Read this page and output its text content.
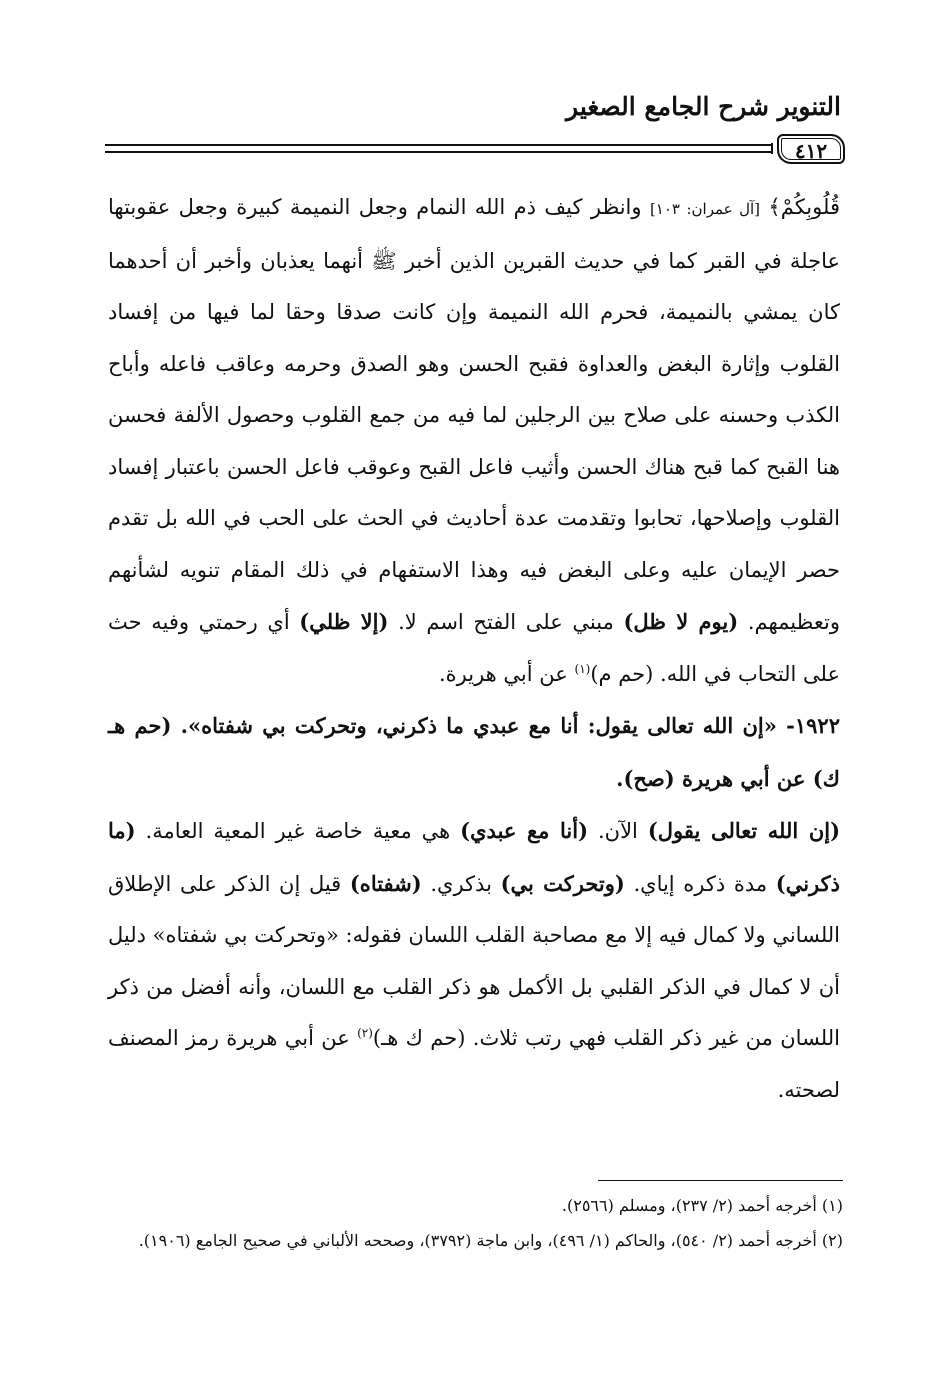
التنوير شرح الجامع الصغير
٤١٢

قُلُوبِكُمْ﴾ [آل عمران: ١٠٣] وانظر كيف ذم الله النمام وجعل النميمة كبيرة وجعل عقوبتها عاجلة في القبر كما في حديث القبرين الذين أخبر ﷺ أنهما يعذبان وأخبر أن أحدهما كان يمشي بالنميمة، فحرم الله النميمة وإن كانت صدقا وحقا لما فيها من إفساد القلوب وإثارة البغض والعداوة فقبح الحسن وهو الصدق وحرمه وعاقب فاعله وأباح الكذب وحسنه على صلاح بين الرجلين لما فيه من جمع القلوب وحصول الألفة فحسن هنا القبح كما قبح هناك الحسن وأثيب فاعل القبح وعوقب فاعل الحسن باعتبار إفساد القلوب وإصلاحها، تحابوا وتقدمت عدة أحاديث في الحث على الحب في الله بل تقدم حصر الإيمان عليه وعلى البغض فيه وهذا الاستفهام في ذلك المقام تنويه لشأنهم وتعظيمهم. (يوم لا ظل) مبني على الفتح اسم لا. (إلا ظلي) أي رحمتي وفيه حث على التحاب في الله. (حم م)$^{(١)}$ عن أبي هريرة.

١٩٢٢- «إن الله تعالى يقول: أنا مع عبدي ما ذكرني، وتحركت بي شفتاه». (حم هـ ك) عن أبي هريرة (صح).

(إن الله تعالى يقول) الآن. (أنا مع عبدي) هي معية خاصة غير المعية العامة. (ما ذكرني) مدة ذكره إياي. (وتحركت بي) بذكري. (شفتاه) قيل إن الذكر على الإطلاق اللساني ولا كمال فيه إلا مع مصاحبة القلب اللسان فقوله: «وتحركت بي شفتاه» دليل أن لا كمال في الذكر القلبي بل الأكمل هو ذكر القلب مع اللسان، وأنه أفضل من ذكر اللسان من غير ذكر القلب فهي رتب ثلاث. (حم ك هـ)$^{(٢)}$ عن أبي هريرة رمز المصنف لصحته.

(١) أخرجه أحمد (٢/ ٢٣٧)، ومسلم (٢٥٦٦).

(٢) أخرجه أحمد (٢/ ٥٤٠)، والحاكم (١/ ٤٩٦)، وابن ماجة (٣٧٩٢)، وصححه الألباني في صحيح الجامع (١٩٠٦).
